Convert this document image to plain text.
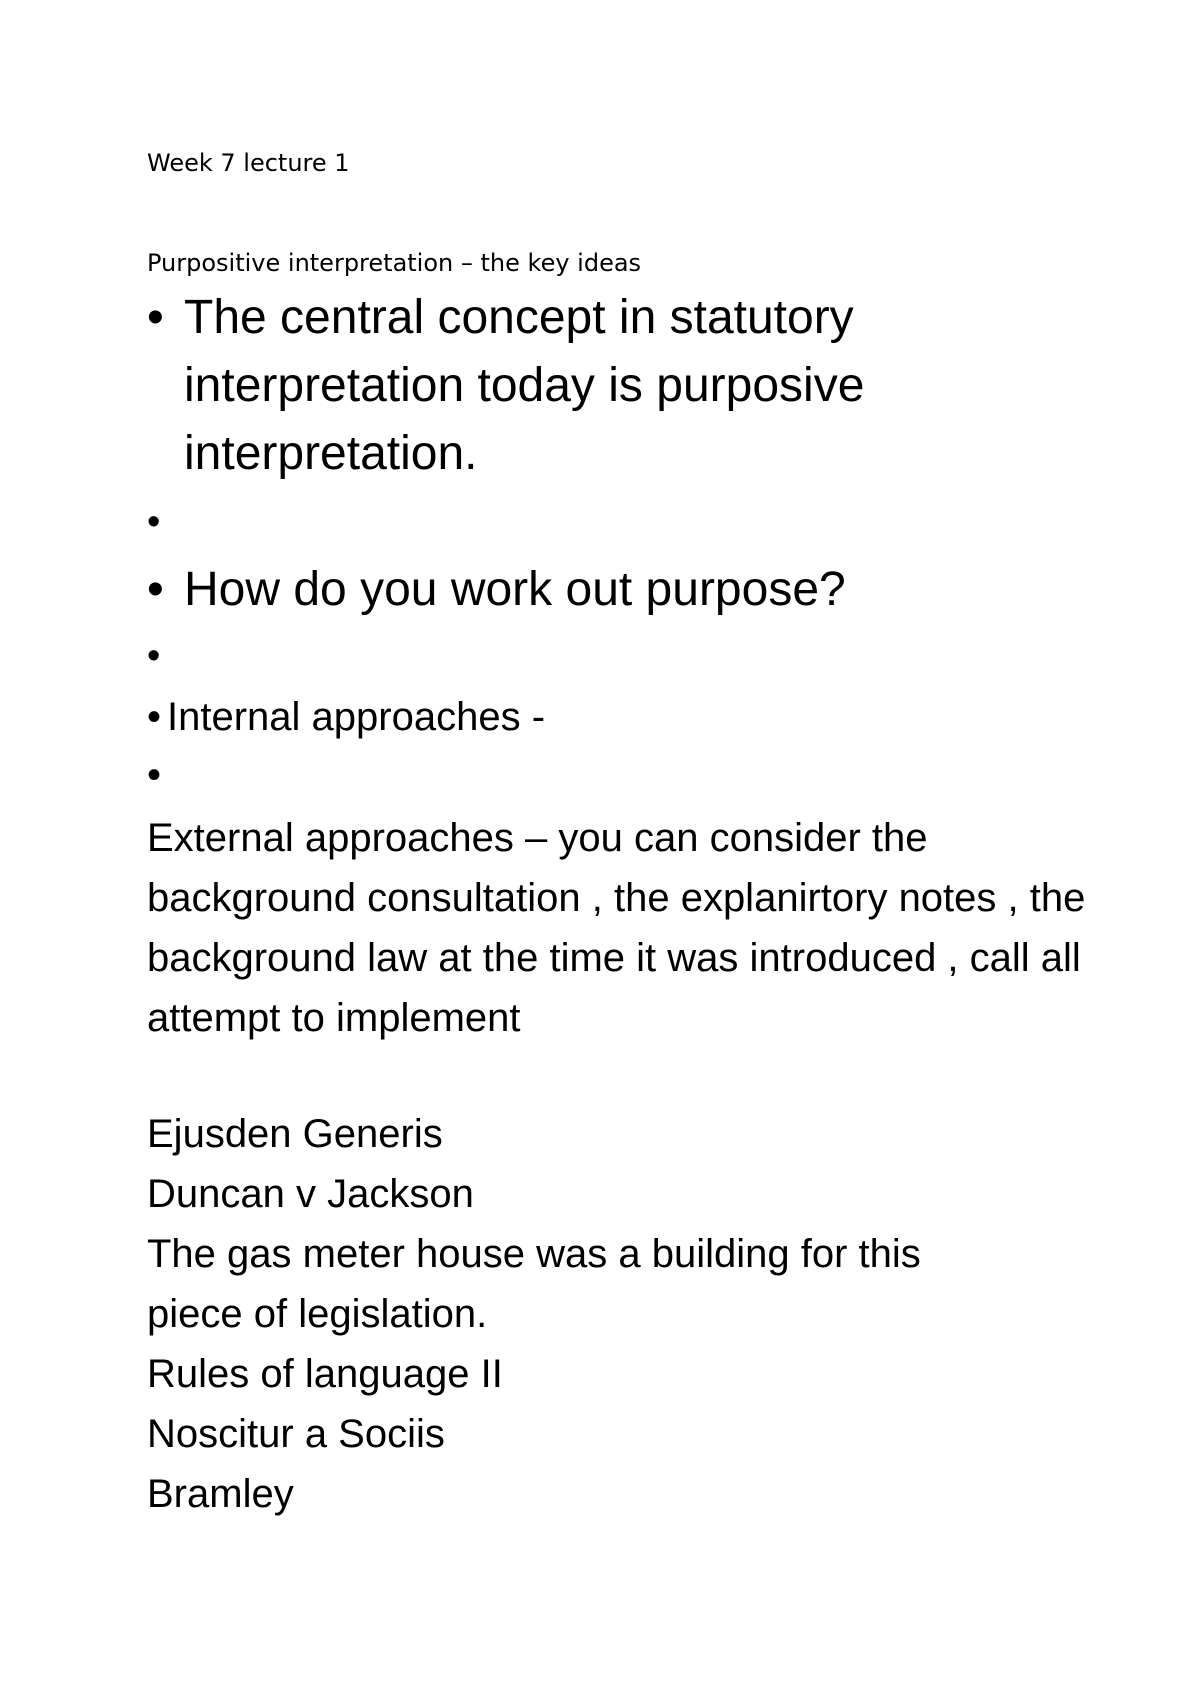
Week 7 lecture 1
Purpositive interpretation – the key ideas
• The central concept in statutory interpretation today is purposive interpretation.
•
• How do you work out purpose?
•
• Internal approaches -
•
External approaches – you can consider the background consultation , the explanirtory notes , the background law at the time it was introduced , call all attempt to implement
Ejusden Generis
Duncan v Jackson
The gas meter house was a building for this
piece of legislation.
Rules of language II
Noscitur a Sociis
Bramley
